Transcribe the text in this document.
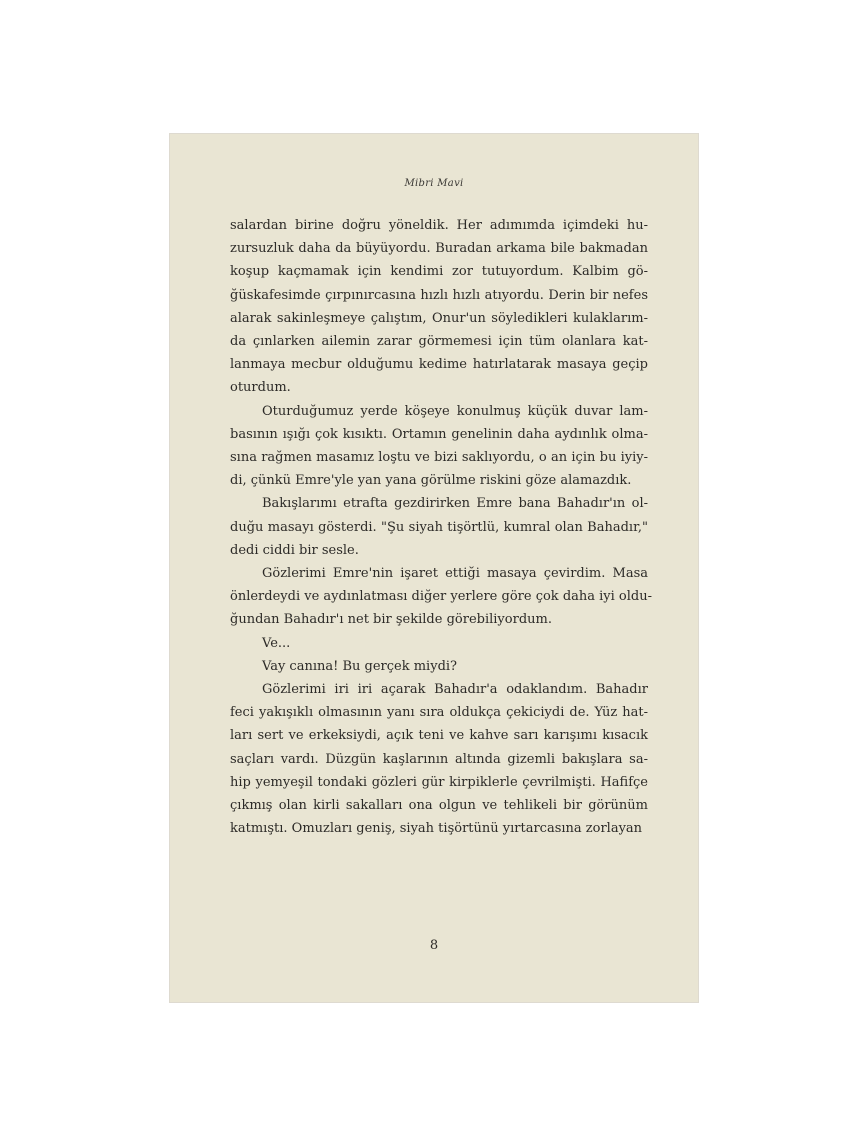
Mibri Mavi

salardan birine doğru yöneldik. Her adımımda içimdeki hu-
zursuzluk daha da büyüyordu. Buradan arkama bile bakmadan
koşup kaçmamak için kendimi zor tutuyordum. Kalbim gö-
ğüskafesimde çırpınırcasına hızlı hızlı atıyordu. Derin bir nefes
alarak sakinleşmeye çalıştım, Onur'un söyledikleri kulaklarım-
da çınlarken ailemin zarar görmemesi için tüm olanlara kat-
lanmaya mecbur olduğumu kedime hatırlatarak masaya geçip
oturdum.

Oturduğumuz yerde köşeye konulmuş küçük duvar lam-
basının ışığı çok kısıktı. Ortamın genelinin daha aydınlık olma-
sına rağmen masamız loştu ve bizi saklıyordu, o an için bu iyiy-
di, çünkü Emre'yle yan yana görülme riskini göze alamazdık.

Bakışlarımı etrafta gezdirirken Emre bana Bahadır'ın ol-
duğu masayı gösterdi. "Şu siyah tişörtlü, kumral olan Bahadır,"
dedi ciddi bir sesle.

Gözlerimi Emre'nin işaret ettiği masaya çevirdim. Masa
önlerdeydi ve aydınlatması diğer yerlere göre çok daha iyi oldu-
ğundan Bahadır'ı net bir şekilde görebiliyordum.

Ve...

Vay canına! Bu gerçek miydi?

Gözlerimi iri iri açarak Bahadır'a odaklandım. Bahadır
feci yakışıklı olmasının yanı sıra oldukça çekiciydi de. Yüz hat-
ları sert ve erkeksiydi, açık teni ve kahve sarı karışımı kısacık
saçları vardı. Düzgün kaşlarının altında gizemli bakışlara sa-
hip yemyeşil tondaki gözleri gür kirpiklerle çevrilmişti. Hafifçe
çıkmış olan kirli sakalları ona olgun ve tehlikeli bir görünüm
katmıştı. Omuzları geniş, siyah tişörtünü yırtarcasına zorlayan

8
